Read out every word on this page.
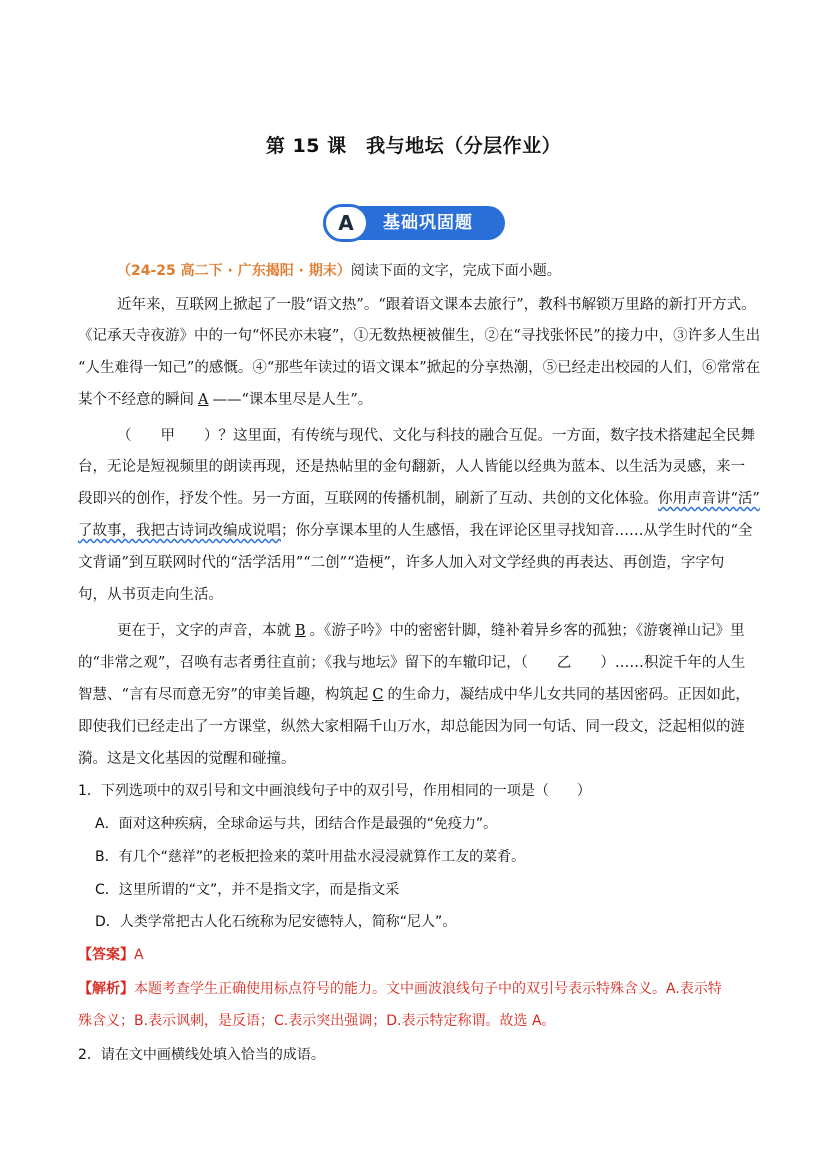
第 15 课　我与地坛（分层作业）
A	基础巩固题
（24-25 高二下 · 广东揭阳 · 期末）阅读下面的文字，完成下面小题。
近年来，互联网上掀起了一股“语文热”。“跟着语文课本去旅行”，教科书解锁万里路的新打开方式。
《记承天寺夜游》中的一句“怀民亦未寝”，①无数热梗被催生，②在“寻找张怀民”的接力中，③许多人生出
“人生难得一知己”的感慨。④“那些年读过的语文课本”掀起的分享热潮，⑤已经走出校园的人们，⑥常常在
某个不经意的瞬间 A ——“课本里尽是人生”。
（　　甲　　）？这里面，有传统与现代、文化与科技的融合互促。一方面，数字技术搭建起全民舞
台，无论是短视频里的朗读再现，还是热帖里的金句翻新，人人皆能以经典为蓝本、以生活为灵感，来一
段即兴的创作，抒发个性。另一方面，互联网的传播机制，刷新了互动、共创的文化体验。你用声音讲“活”
了故事，我把古诗词改编成说唱；你分享课本里的人生感悟，我在评论区里寻找知音……从学生时代的“全
文背诵”到互联网时代的“活学活用”“二创”“造梗”，许多人加入对文学经典的再表达、再创造，字字句
句，从书页走向生活。
更在于，文字的声音，本就 B 。《游子吟》中的密密针脚，缝补着异乡客的孤独；《游褒禅山记》里
的“非常之观”，召唤有志者勇往直前；《我与地坛》留下的车辙印记，（　　乙　　）……积淀千年的人生
智慧、“言有尽而意无穷”的审美旨趣，构筑起 C 的生命力，凝结成中华儿女共同的基因密码。正因如此，
即使我们已经走出了一方课堂，纵然大家相隔千山万水，却总能因为同一句话、同一段文，泛起相似的涟
漪。这是文化基因的觉醒和碰撞。
1．下列选项中的双引号和文中画浪线句子中的双引号，作用相同的一项是（　　）
A．面对这种疾病，全球命运与共，团结合作是最强的“免疫力”。
B．有几个“慈祥”的老板把捡来的菜叶用盐水浸浸就算作工友的菜肴。
C．这里所谓的“文”，并不是指文字，而是指文采
D．人类学常把古人化石统称为尼安德特人，简称“尼人”。
【答案】A
【解析】本题考查学生正确使用标点符号的能力。文中画波浪线句子中的双引号表示特殊含义。A.表示特
殊含义；B.表示讽刺，是反语；C.表示突出强调；D.表示特定称谓。故选 A。
2．请在文中画横线处填入恰当的成语。
